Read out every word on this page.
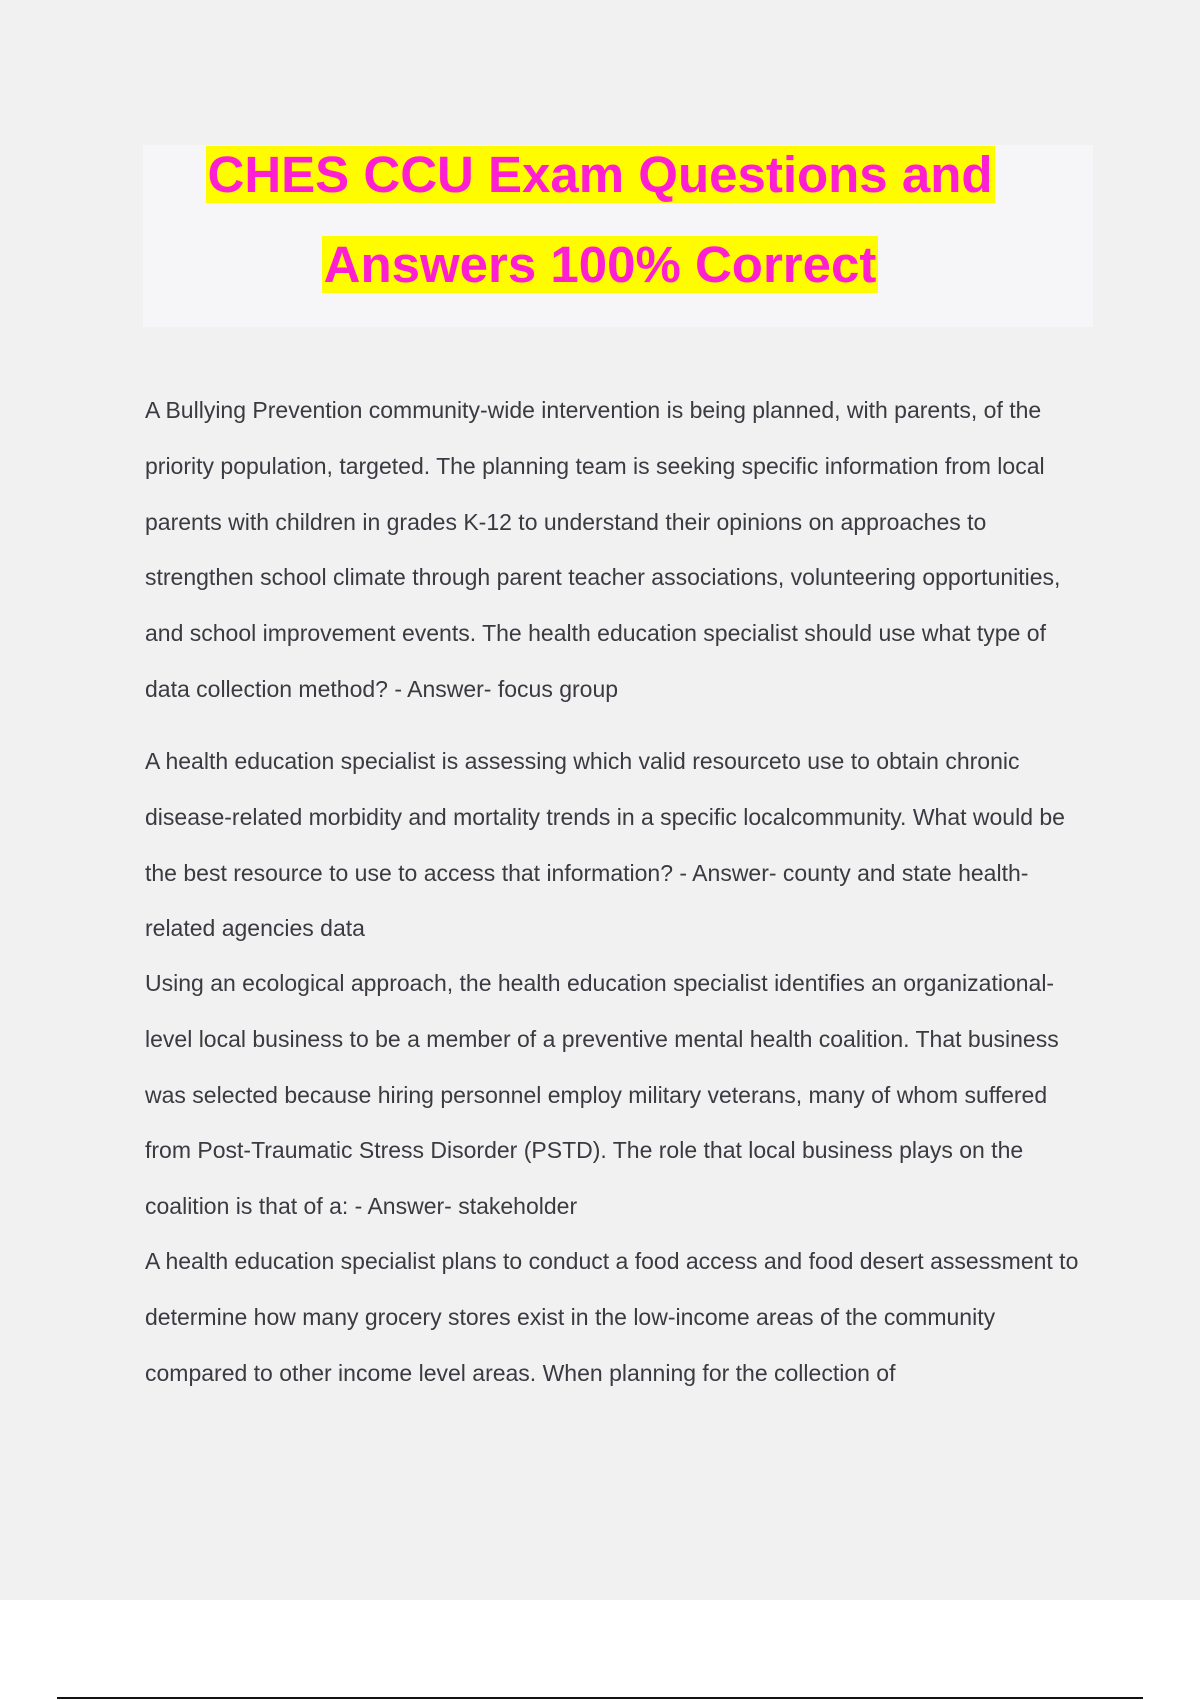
CHES CCU Exam Questions and
Answers 100% Correct

A Bullying Prevention community-wide intervention is being planned, with parents, of the priority population, targeted. The planning team is seeking specific information from local parents with children in grades K-12 to understand their opinions on approaches to strengthen school climate through parent teacher associations, volunteering opportunities, and school improvement events. The health education specialist should use what type of data collection method? - Answer- focus group

A health education specialist is assessing which valid resourceto use to obtain chronic disease-related morbidity and mortality trends in a specific localcommunity. What would be the best resource to use to access that information? - Answer- county and state health-related agencies data

Using an ecological approach, the health education specialist identifies an organizational-level local business to be a member of a preventive mental health coalition. That business was selected because hiring personnel employ military veterans, many of whom suffered from Post-Traumatic Stress Disorder (PSTD). The role that local business plays on the coalition is that of a: - Answer- stakeholder

A health education specialist plans to conduct a food access and food desert assessment to determine how many grocery stores exist in the low-income areas of the community compared to other income level areas. When planning for the collection of
